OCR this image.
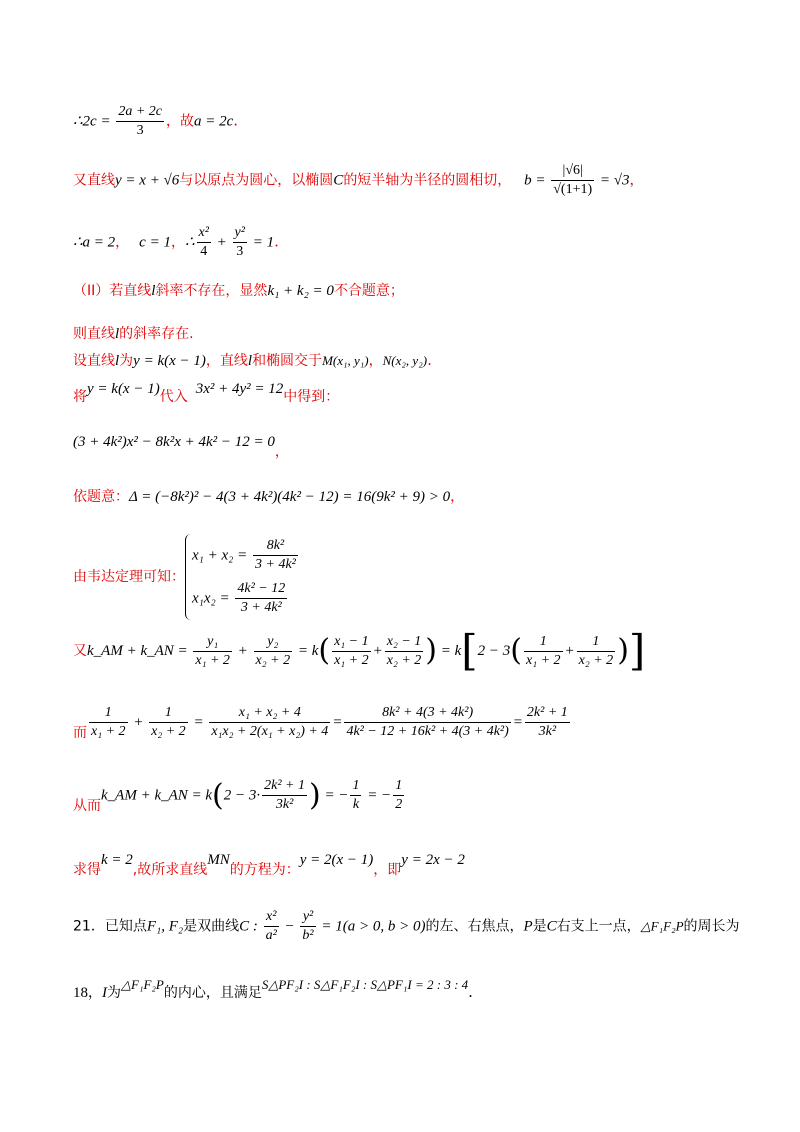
∴2c = $\frac{2a + 2c}{3}$ ，故a = 2c.
又直线y = x + √6与以原点为圆心，以椭圆C的短半轴为半径的圆相切， $b = \frac{|√6|}{√(1+1)} = √3$，
∴a = 2， c = 1，∴ $\frac{\text{x²}}{4} + \frac{\text{y²}}{3} = 1$.
（II）若直线l斜率不存在，显然k₁ + k₂ = 0不合题意；
则直线l的斜率存在.
设直线l为y = k(x − 1)，直线l和椭圆交于M(x₁, y₁)，N(x₂, y₂).
将y = k(x − 1)代入 3x² + 4y² = 12中得到：
(3 + 4k²)x² − 8k²x + 4k² − 12 = 0，
依题意：Δ = (−8k²)² − 4(3 + 4k²)(4k² − 12) = 16(9k² + 9) > 0，
由韦达定理可知：
$x_1 + x_2 = \frac{\text{8k²}}{\text{3 + 4k²}}$
$x_1x_2 = \frac{\text{4k² − 12}}{\text{3 + 4k²}}$
又k_AM + k_AN = $\frac{\text{y₁}}{\text{x₁ + 2}} + \frac{\text{y₂}}{\text{x₂ + 2}} = k( \frac{\text{x₁ − 1}}{\text{x₁ + 2}} + \frac{\text{x₂ − 1}}{\text{x₂ + 2}}$ ) = $k[2 - 3( \frac{1}{\text{x₁ + 2}} + \frac{1}{\text{x₂ + 2}}$ )]
而 $\frac{1}{\text{x₁ + 2}} + \frac{1}{\text{x₂ + 2}} = \frac{\text{x₁ + x₂ + 4}}{\text{x₁x₂ + 2(x₁ + x₂) + 4}} = \frac{\text{8k² + 4(3 + 4k²)}}{\text{4k² − 12 + 16k² + 4(3 + 4k²)}} = \frac{\text{2k² + 1}}{\text{3k²}}$
从而k_AM + k_AN = $k(2 - 3\cdot \frac{\text{2k² + 1}}{\text{3k²}}$ ) = − $\frac{1}{k}$ = − $\frac{1}{2}$
求得k = 2,故所求直线MN的方程为：y = 2(x − 1)，即y = 2x − 2
21．已知点F₁, F₂是双曲线C : $\frac{\text{x²}}{\text{a²}} - \frac{\text{y²}}{\text{b²}} = 1(a > 0$, b > 0)的左、右焦点，P是C右支上一点，△F₁F₂P的周长为
18，I为△F₁F₂P的内心，且满足S△PF₂I : S△F₁F₂I : S△PF₁I = 2 : 3 : 4.
